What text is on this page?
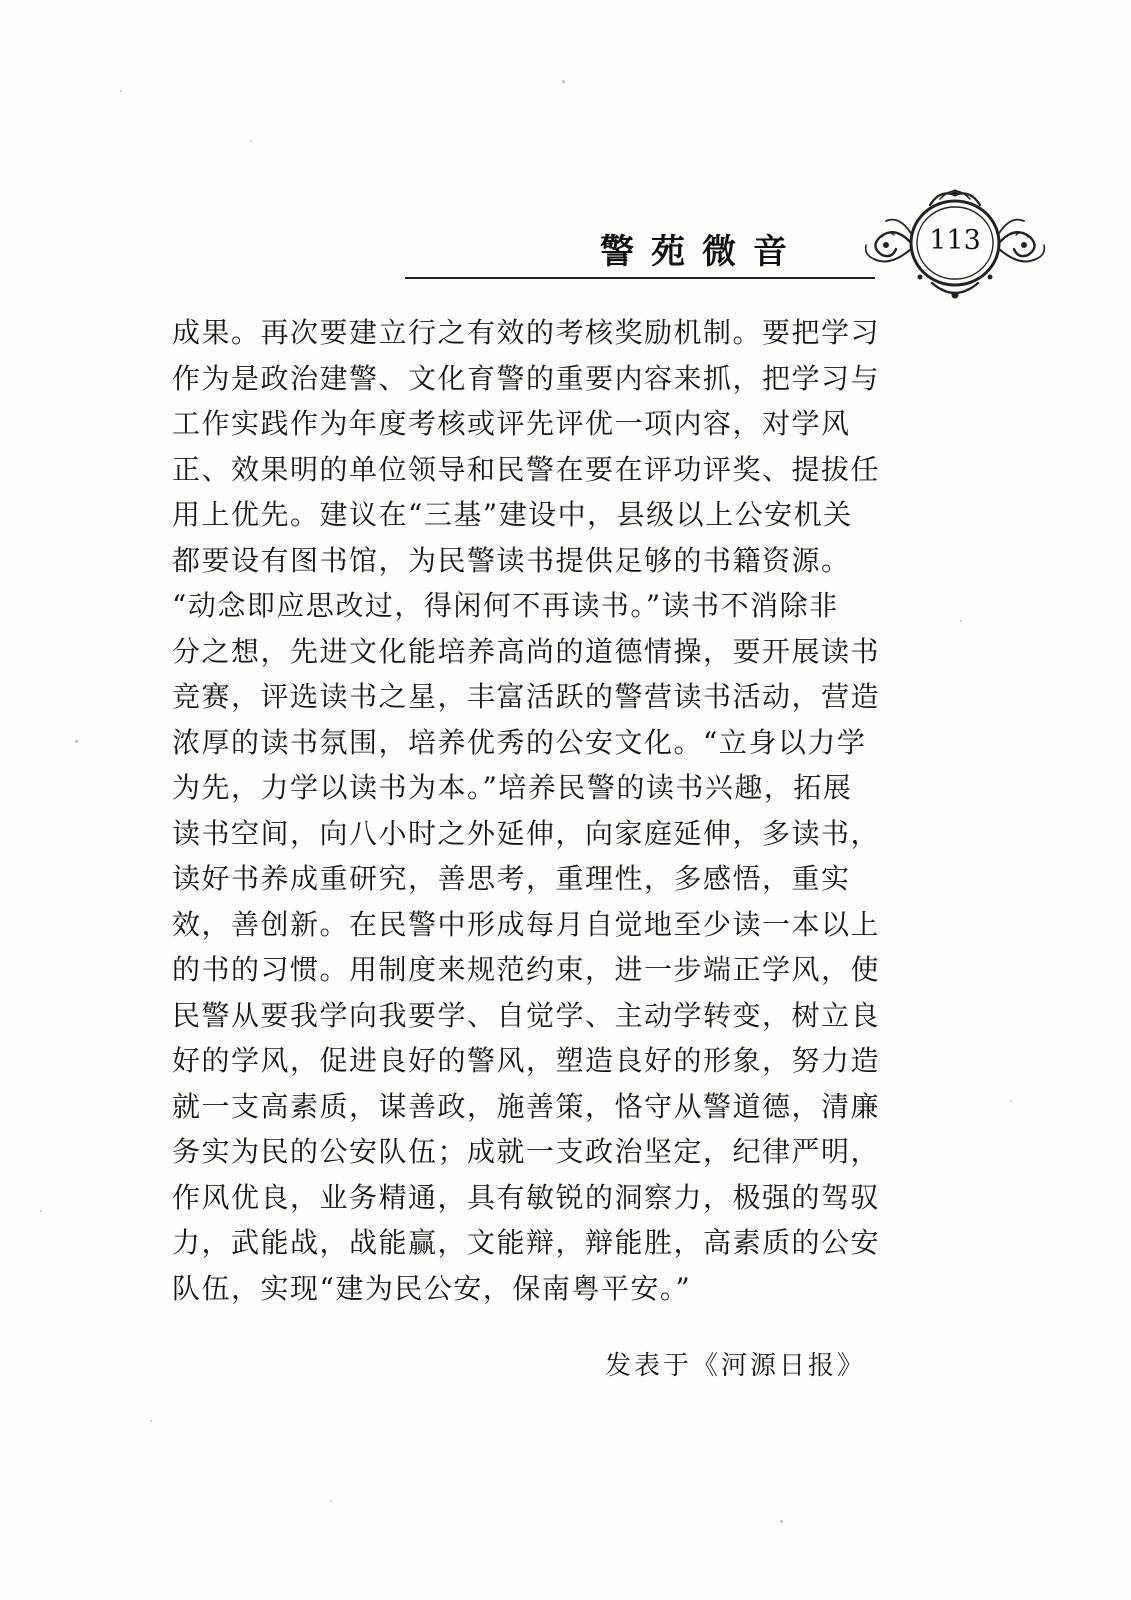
警苑微音	113
成果。再次要建立行之有效的考核奖励机制。要把学习
作为是政治建警、文化育警的重要内容来抓，把学习与
工作实践作为年度考核或评先评优一项内容，对学风
正、效果明的单位领导和民警在要在评功评奖、提拔任
用上优先。建议在“三基”建设中，县级以上公安机关
都要设有图书馆，为民警读书提供足够的书籍资源。
“动念即应思改过，得闲何不再读书。”读书不消除非
分之想，先进文化能培养高尚的道德情操，要开展读书
竞赛，评选读书之星，丰富活跃的警营读书活动，营造
浓厚的读书氛围，培养优秀的公安文化。“立身以力学
为先，力学以读书为本。”培养民警的读书兴趣，拓展
读书空间，向八小时之外延伸，向家庭延伸，多读书，
读好书养成重研究，善思考，重理性，多感悟，重实
效，善创新。在民警中形成每月自觉地至少读一本以上
的书的习惯。用制度来规范约束，进一步端正学风，使
民警从要我学向我要学、自觉学、主动学转变，树立良
好的学风，促进良好的警风，塑造良好的形象，努力造
就一支高素质，谋善政，施善策，恪守从警道德，清廉
务实为民的公安队伍；成就一支政治坚定，纪律严明，
作风优良，业务精通，具有敏锐的洞察力，极强的驾驭
力，武能战，战能赢，文能辩，辩能胜，高素质的公安
队伍，实现“建为民公安，保南粤平安。”
发表于《河源日报》
